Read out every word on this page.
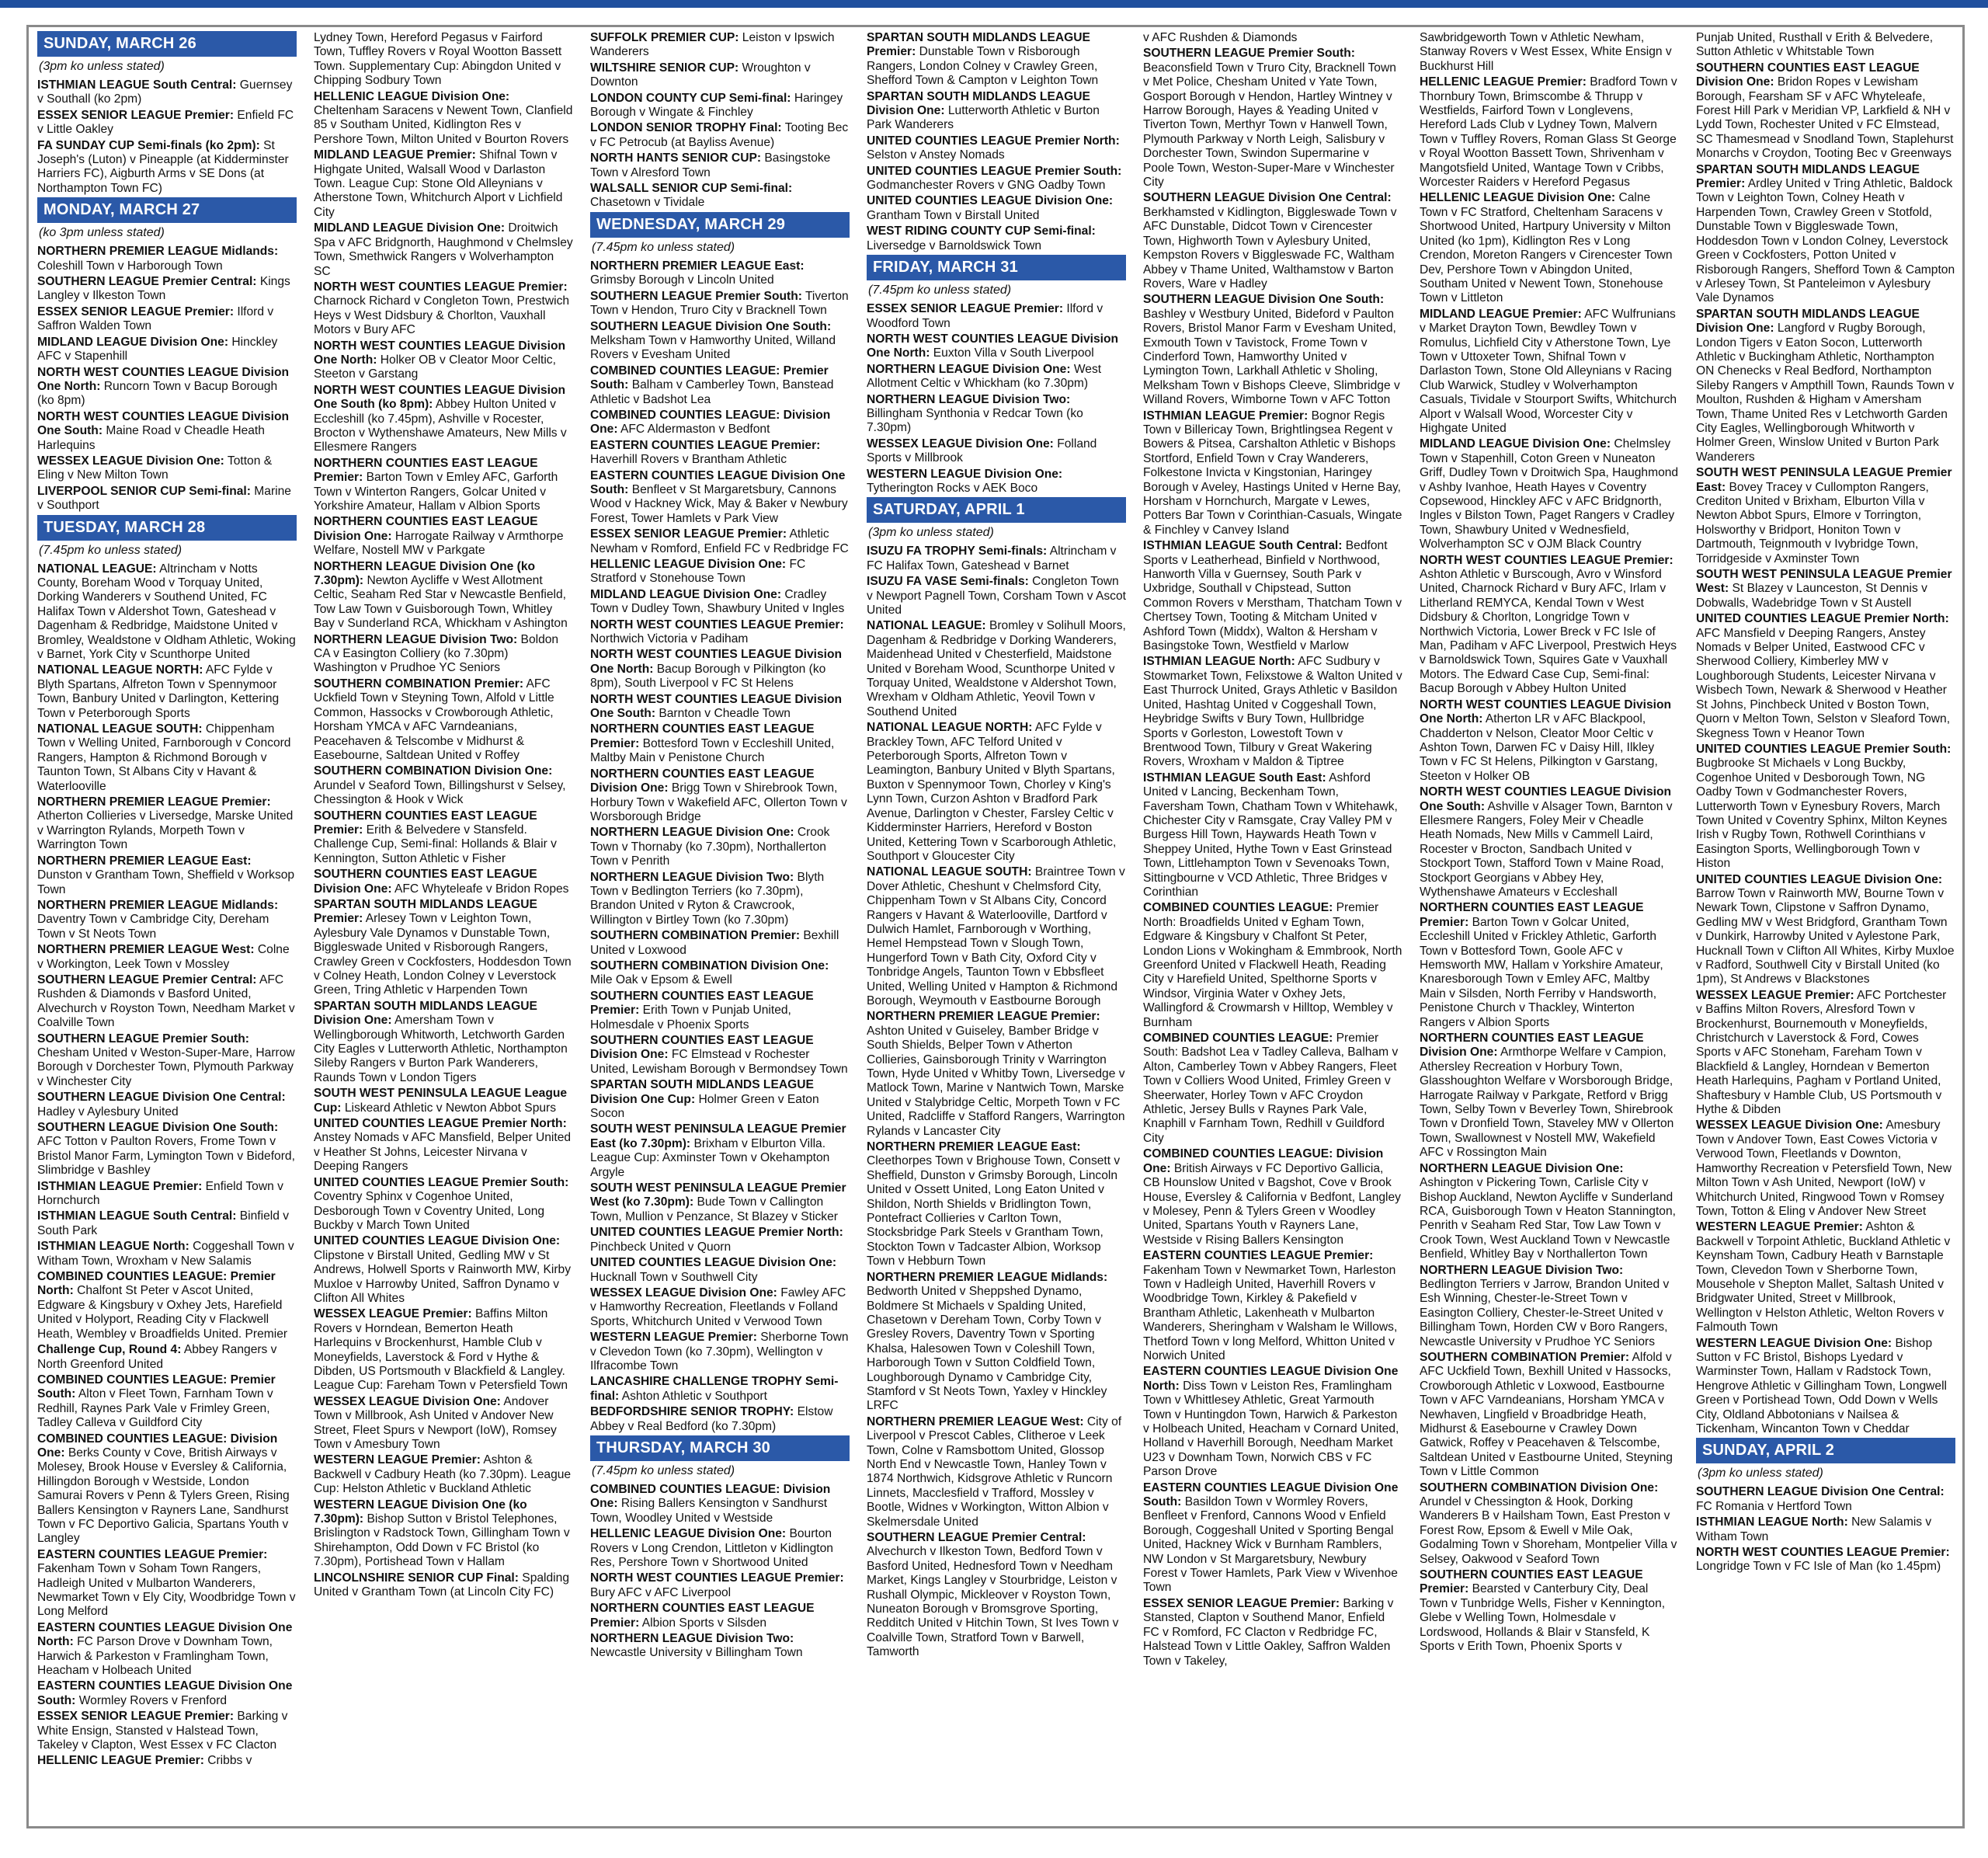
SUNDAY, MARCH 26
(3pm ko unless stated)

ISTHMIAN LEAGUE South Central: Guernsey v Southall (ko 2pm)

ESSEX SENIOR LEAGUE Premier: Enfield FC v Little Oakley

FA SUNDAY CUP Semi-finals (ko 2pm): St Joseph's (Luton) v Pineapple (at Kidderminster Harriers FC), Aigburth Arms v SE Dons (at Northampton Town FC)

MONDAY, MARCH 27
(ko 3pm unless stated)

NORTHERN PREMIER LEAGUE Midlands: Coleshill Town v Harborough Town

SOUTHERN LEAGUE Premier Central: Kings Langley v Ilkeston Town

ESSEX SENIOR LEAGUE Premier: Ilford v Saffron Walden Town

MIDLAND LEAGUE Division One: Hinckley AFC v Stapenhill

NORTH WEST COUNTIES LEAGUE Division One North: Runcorn Town v Bacup Borough (ko 8pm)

NORTH WEST COUNTIES LEAGUE Division One South: Maine Road v Cheadle Heath Harlequins

WESSEX LEAGUE Division One: Totton & Eling v New Milton Town

LIVERPOOL SENIOR CUP Semi-final: Marine v Southport

TUESDAY, MARCH 28
(7.45pm ko unless stated)

NATIONAL LEAGUE: Altrincham v Notts County, Boreham Wood v Torquay United, Dorking Wanderers v Southend United, FC Halifax Town v Aldershot Town, Gateshead v Dagenham & Redbridge, Maidstone United v Bromley, Wealdstone v Oldham Athletic, Woking v Barnet, York City v Scunthorpe United

NATIONAL LEAGUE NORTH: AFC Fylde v Blyth Spartans, Alfreton Town v Spennymoor Town, Banbury United v Darlington, Kettering Town v Peterborough Sports

NATIONAL LEAGUE SOUTH: Chippenham Town v Welling United, Farnborough v Concord Rangers, Hampton & Richmond Borough v Taunton Town, St Albans City v Havant & Waterlooville

NORTHERN PREMIER LEAGUE Premier: Atherton Collieries v Liversedge, Marske United v Warrington Rylands, Morpeth Town v Warrington Town

NORTHERN PREMIER LEAGUE East: Dunston v Grantham Town, Sheffield v Worksop Town

NORTHERN PREMIER LEAGUE Midlands: Daventry Town v Cambridge City, Dereham Town v St Neots Town

NORTHERN PREMIER LEAGUE West: Colne v Workington, Leek Town v Mossley

SOUTHERN LEAGUE Premier Central: AFC Rushden & Diamonds v Basford United, Alvechurch v Royston Town, Needham Market v Coalville Town

SOUTHERN LEAGUE Premier South: Chesham United v Weston-Super-Mare, Harrow Borough v Dorchester Town, Plymouth Parkway v Winchester City

SOUTHERN LEAGUE Division One Central: Hadley v Aylesbury United

SOUTHERN LEAGUE Division One South: AFC Totton v Paulton Rovers, Frome Town v Bristol Manor Farm, Lymington Town v Bideford, Slimbridge v Bashley

ISTHMIAN LEAGUE Premier: Enfield Town v Hornchurch

ISTHMIAN LEAGUE South Central: Binfield v South Park

ISTHMIAN LEAGUE North: Coggeshall Town v Witham Town, Wroxham v New Salamis

COMBINED COUNTIES LEAGUE: Premier North: Chalfont St Peter v Ascot United, Edgware & Kingsbury v Oxhey Jets, Harefield United v Holyport, Reading City v Flackwell Heath, Wembley v Broadfields United. Premier

Challenge Cup, Round 4: Abbey Rangers v North Greenford United

COMBINED COUNTIES LEAGUE: Premier South: Alton v Fleet Town, Farnham Town v Redhill, Raynes Park Vale v Frimley Green, Tadley Calleva v Guildford City

COMBINED COUNTIES LEAGUE: Division One: Berks County v Cove, British Airways v Molesey, Brook House v Eversley & California, Hillingdon Borough v Westside, London Samurai Rovers v Penn & Tylers Green, Rising Ballers Kensington v Rayners Lane, Sandhurst Town v FC Deportivo Galicia, Spartans Youth v Langley

EASTERN COUNTIES LEAGUE Premier: Fakenham Town v Soham Town Rangers, Hadleigh United v Mulbarton Wanderers, Newmarket Town v Ely City, Woodbridge Town v Long Melford

EASTERN COUNTIES LEAGUE Division One North: FC Parson Drove v Downham Town, Harwich & Parkeston v Framlingham Town, Heacham v Holbeach United

EASTERN COUNTIES LEAGUE Division One South: Wormley Rovers v Frenford

ESSEX SENIOR LEAGUE Premier: Barking v White Ensign, Stansted v Halstead Town, Takeley v Clapton, West Essex v FC Clacton

HELLENIC LEAGUE Premier: Cribbs v

Lydney Town, Hereford Pegasus v Fairford Town, Tuffley Rovers v Royal Wootton Bassett Town. Supplementary Cup: Abingdon United v Chipping Sodbury Town

HELLENIC LEAGUE Division One: Cheltenham Saracens v Newent Town, Clanfield 85 v Southam United, Kidlington Res v Pershore Town, Milton United v Bourton Rovers

MIDLAND LEAGUE Premier: Shifnal Town v Highgate United, Walsall Wood v Darlaston Town. League Cup: Stone Old Alleynians v Atherstone Town, Whitchurch Alport v Lichfield City

MIDLAND LEAGUE Division One: Droitwich Spa v AFC Bridgnorth, Haughmond v Chelmsley Town, Smethwick Rangers v Wolverhampton SC

NORTH WEST COUNTIES LEAGUE Premier: Charnock Richard v Congleton Town, Prestwich Heys v West Didsbury & Chorlton, Vauxhall Motors v Bury AFC

NORTH WEST COUNTIES LEAGUE Division One North: Holker OB v Cleator Moor Celtic, Steeton v Garstang

NORTH WEST COUNTIES LEAGUE Division One South (ko 8pm): Abbey Hulton United v Eccleshill (ko 7.45pm), Ashville v Rocester, Brocton v Wythenshawe Amateurs, New Mills v Ellesmere Rangers

NORTHERN COUNTIES EAST LEAGUE Premier: Barton Town v Emley AFC, Garforth Town v Winterton Rangers, Golcar United v Yorkshire Amateur, Hallam v Albion Sports

NORTHERN COUNTIES EAST LEAGUE Division One: Harrogate Railway v Armthorpe Welfare, Nostell MW v Parkgate

NORTHERN LEAGUE Division One (ko 7.30pm): Newton Aycliffe v West Allotment Celtic, Seaham Red Star v Newcastle Benfield, Tow Law Town v Guisborough Town, Whitley Bay v Sunderland RCA, Whickham v Ashington

NORTHERN LEAGUE Division Two: Boldon CA v Easington Colliery (ko 7.30pm) Washington v Prudhoe YC Seniors

SOUTHERN COMBINATION Premier: AFC Uckfield Town v Steyning Town, Alfold v Little Common, Hassocks v Crowborough Athletic, Horsham YMCA v AFC Varndeanians, Peacehaven & Telscombe v Midhurst & Easebourne, Saltdean United v Roffey

SOUTHERN COMBINATION Division One: Arundel v Seaford Town, Billingshurst v Selsey, Chessington & Hook v Wick

SOUTHERN COUNTIES EAST LEAGUE Premier: Erith & Belvedere v Stansfeld. Challenge Cup, Semi-final: Hollands & Blair v Kennington, Sutton Athletic v Fisher

SOUTHERN COUNTIES EAST LEAGUE Division One: AFC Whyteleafe v Bridon Ropes

SPARTAN SOUTH MIDLANDS LEAGUE Premier: Arlesey Town v Leighton Town, Aylesbury Vale Dynamos v Dunstable Town, Biggleswade United v Risborough Rangers, Crawley Green v Cockfosters, Hoddesdon Town v Colney Heath, London Colney v Leverstock Green, Tring Athletic v Harpenden Town

SPARTAN SOUTH MIDLANDS LEAGUE Division One: Amersham Town v Wellingborough Whitworth, Letchworth Garden City Eagles v Lutterworth Athletic, Northampton Sileby Rangers v Burton Park Wanderers, Raunds Town v London Tigers

SOUTH WEST PENINSULA LEAGUE League Cup: Liskeard Athletic v Newton Abbot Spurs

UNITED COUNTIES LEAGUE Premier North: Anstey Nomads v AFC Mansfield, Belper United v Heather St Johns, Leicester Nirvana v Deeping Rangers

UNITED COUNTIES LEAGUE Premier South: Coventry Sphinx v Cogenhoe United, Desborough Town v Coventry United, Long Buckby v March Town United

UNITED COUNTIES LEAGUE Division One: Clipstone v Birstall United, Gedling MW v St Andrews, Holwell Sports v Rainworth MW, Kirby Muxloe v Harrowby United, Saffron Dynamo v Clifton All Whites

WESSEX LEAGUE Premier: Baffins Milton Rovers v Horndean, Bemerton Heath Harlequins v Brockenhurst, Hamble Club v Moneyfields, Laverstock & Ford v Hythe & Dibden, US Portsmouth v Blackfield & Langley. League Cup: Fareham Town v Petersfield Town

WESSEX LEAGUE Division One: Andover Town v Millbrook, Ash United v Andover New Street, Fleet Spurs v Newport (IoW), Romsey Town v Amesbury Town

WESTERN LEAGUE Premier: Ashton & Backwell v Cadbury Heath (ko 7.30pm). League Cup: Helston Athletic v Buckland Athletic

WESTERN LEAGUE Division One (ko 7.30pm): Bishop Sutton v Bristol Telephones, Brislington v Radstock Town, Gillingham Town v Shirehampton, Odd Down v FC Bristol (ko 7.30pm), Portishead Town v Hallam

LINCOLNSHIRE SENIOR CUP Final: Spalding United v Grantham Town (at Lincoln City FC)

SUFFOLK PREMIER CUP: Leiston v Ipswich Wanderers

WILTSHIRE SENIOR CUP: Wroughton v Downton

LONDON COUNTY CUP Semi-final: Haringey Borough v Wingate & Finchley

LONDON SENIOR TROPHY Final: Tooting Bec v FC Petrocub (at Bayliss Avenue)

NORTH HANTS SENIOR CUP: Basingstoke Town v Alresford Town

WALSALL SENIOR CUP Semi-final: Chasetown v Tividale

WEDNESDAY, MARCH 29
(7.45pm ko unless stated)

NORTHERN PREMIER LEAGUE East: Grimsby Borough v Lincoln United

SOUTHERN LEAGUE Premier South: Tiverton Town v Hendon, Truro City v Bracknell Town

SOUTHERN LEAGUE Division One South: Melksham Town v Hamworthy United, Willand Rovers v Evesham United

COMBINED COUNTIES LEAGUE: Premier South: Balham v Camberley Town, Banstead Athletic v Badshot Lea

COMBINED COUNTIES LEAGUE: Division One: AFC Aldermaston v Bedfont

EASTERN COUNTIES LEAGUE Premier: Haverhill Rovers v Brantham Athletic

EASTERN COUNTIES LEAGUE Division One South: Benfleet v St Margaretsbury, Cannons Wood v Hackney Wick, May & Baker v Newbury Forest, Tower Hamlets v Park View

ESSEX SENIOR LEAGUE Premier: Athletic Newham v Romford, Enfield FC v Redbridge FC

HELLENIC LEAGUE Division One: FC Stratford v Stonehouse Town

MIDLAND LEAGUE Division One: Cradley Town v Dudley Town, Shawbury United v Ingles

NORTH WEST COUNTIES LEAGUE Premier: Northwich Victoria v Padiham

NORTH WEST COUNTIES LEAGUE Division One North: Bacup Borough v Pilkington (ko 8pm), South Liverpool v FC St Helens

NORTH WEST COUNTIES LEAGUE Division One South: Barnton v Cheadle Town

NORTHERN COUNTIES EAST LEAGUE Premier: Bottesford Town v Eccleshill United, Maltby Main v Penistone Church

NORTHERN COUNTIES EAST LEAGUE Division One: Brigg Town v Shirebrook Town, Horbury Town v Wakefield AFC, Ollerton Town v Worsborough Bridge

NORTHERN LEAGUE Division One: Crook Town v Thornaby (ko 7.30pm), Northallerton Town v Penrith

NORTHERN LEAGUE Division Two: Blyth Town v Bedlington Terriers (ko 7.30pm), Brandon United v Ryton & Crawcrook, Willington v Birtley Town (ko 7.30pm)

SOUTHERN COMBINATION Premier: Bexhill United v Loxwood

SOUTHERN COMBINATION Division One: Mile Oak v Epsom & Ewell

SOUTHERN COUNTIES EAST LEAGUE Premier: Erith Town v Punjab United, Holmesdale v Phoenix Sports

SOUTHERN COUNTIES EAST LEAGUE Division One: FC Elmstead v Rochester United, Lewisham Borough v Bermondsey Town

SPARTAN SOUTH MIDLANDS LEAGUE Division One Cup: Holmer Green v Eaton Socon

SOUTH WEST PENINSULA LEAGUE Premier East (ko 7.30pm): Brixham v Elburton Villa. League Cup: Axminster Town v Okehampton Argyle

SOUTH WEST PENINSULA LEAGUE Premier West (ko 7.30pm): Bude Town v Callington Town, Mullion v Penzance, St Blazey v Sticker

UNITED COUNTIES LEAGUE Premier North: Pinchbeck United v Quorn

UNITED COUNTIES LEAGUE Division One: Hucknall Town v Southwell City

WESSEX LEAGUE Division One: Fawley AFC v Hamworthy Recreation, Fleetlands v Folland Sports, Whitchurch United v Verwood Town

WESTERN LEAGUE Premier: Sherborne Town v Clevedon Town (ko 7.30pm), Wellington v Ilfracombe Town

LANCASHIRE CHALLENGE TROPHY Semi-final: Ashton Athletic v Southport

BEDFORDSHIRE SENIOR TROPHY: Elstow Abbey v Real Bedford (ko 7.30pm)

THURSDAY, MARCH 30
(7.45pm ko unless stated)

COMBINED COUNTIES LEAGUE: Division One: Rising Ballers Kensington v Sandhurst Town, Woodley United v Westside

HELLENIC LEAGUE Division One: Bourton Rovers v Long Crendon, Littleton v Kidlington Res, Pershore Town v Shortwood United

NORTH WEST COUNTIES LEAGUE Premier: Bury AFC v AFC Liverpool

NORTHERN COUNTIES EAST LEAGUE Premier: Albion Sports v Silsden

NORTHERN LEAGUE Division Two: Newcastle University v Billingham Town

SPARTAN SOUTH MIDLANDS LEAGUE Premier: Dunstable Town v Risborough Rangers, London Colney v Crawley Green, Shefford Town & Campton v Leighton Town

SPARTAN SOUTH MIDLANDS LEAGUE Division One: Lutterworth Athletic v Burton Park Wanderers

UNITED COUNTIES LEAGUE Premier North: Selston v Anstey Nomads

UNITED COUNTIES LEAGUE Premier South: Godmanchester Rovers v GNG Oadby Town

UNITED COUNTIES LEAGUE Division One: Grantham Town v Birstall United

WEST RIDING COUNTY CUP Semi-final: Liversedge v Barnoldswick Town

FRIDAY, MARCH 31
(7.45pm ko unless stated)

ESSEX SENIOR LEAGUE Premier: Ilford v Woodford Town

NORTH WEST COUNTIES LEAGUE Division One North: Euxton Villa v South Liverpool

NORTHERN LEAGUE Division One: West Allotment Celtic v Whickham (ko 7.30pm)

NORTHERN LEAGUE Division Two: Billingham Synthonia v Redcar Town (ko 7.30pm)

WESSEX LEAGUE Division One: Folland Sports v Millbrook

WESTERN LEAGUE Division One: Tytherington Rocks v AEK Boco

SATURDAY, APRIL 1
(3pm ko unless stated)

ISUZU FA TROPHY Semi-finals: Altrincham v FC Halifax Town, Gateshead v Barnet

ISUZU FA VASE Semi-finals: Congleton Town v Newport Pagnell Town, Corsham Town v Ascot United

NATIONAL LEAGUE: Bromley v Solihull Moors, Dagenham & Redbridge v Dorking Wanderers, Maidenhead United v Chesterfield, Maidstone United v Boreham Wood, Scunthorpe United v Torquay United, Wealdstone v Aldershot Town, Wrexham v Oldham Athletic, Yeovil Town v Southend United

NATIONAL LEAGUE NORTH: AFC Fylde v Brackley Town, AFC Telford United v Peterborough Sports, Alfreton Town v Leamington, Banbury United v Blyth Spartans, Buxton v Spennymoor Town, Chorley v King's Lynn Town, Curzon Ashton v Bradford Park Avenue, Darlington v Chester, Farsley Celtic v Kidderminster Harriers, Hereford v Boston United, Kettering Town v Scarborough Athletic, Southport v Gloucester City

NATIONAL LEAGUE SOUTH: Braintree Town v Dover Athletic, Cheshunt v Chelmsford City, Chippenham Town v St Albans City, Concord Rangers v Havant & Waterlooville, Dartford v Dulwich Hamlet, Farnborough v Worthing, Hemel Hempstead Town v Slough Town, Hungerford Town v Bath City, Oxford City v Tonbridge Angels, Taunton Town v Ebbsfleet United, Welling United v Hampton & Richmond Borough, Weymouth v Eastbourne Borough

NORTHERN PREMIER LEAGUE Premier: Ashton United v Guiseley, Bamber Bridge v South Shields, Belper Town v Atherton Collieries, Gainsborough Trinity v Warrington Town, Hyde United v Whitby Town, Liversedge v Matlock Town, Marine v Nantwich Town, Marske United v Stalybridge Celtic, Morpeth Town v FC United, Radcliffe v Stafford Rangers, Warrington Rylands v Lancaster City

NORTHERN PREMIER LEAGUE East: Cleethorpes Town v Brighouse Town, Consett v Sheffield, Dunston v Grimsby Borough, Lincoln United v Ossett United, Long Eaton United v Shildon, North Shields v Bridlington Town, Pontefract Collieries v Carlton Town, Stocksbridge Park Steels v Grantham Town, Stockton Town v Tadcaster Albion, Worksop Town v Hebburn Town

NORTHERN PREMIER LEAGUE Midlands: Bedworth United v Sheppshed Dynamo, Boldmere St Michaels v Spalding United, Chasetown v Dereham Town, Corby Town v Gresley Rovers, Daventry Town v Sporting Khalsa, Halesowen Town v Coleshill Town, Harborough Town v Sutton Coldfield Town, Loughborough Dynamo v Cambridge City, Stamford v St Neots Town, Yaxley v Hinckley LRFC

NORTHERN PREMIER LEAGUE West: City of Liverpool v Prescot Cables, Clitheroe v Leek Town, Colne v Ramsbottom United, Glossop North End v Newcastle Town, Hanley Town v 1874 Northwich, Kidsgrove Athletic v Runcorn Linnets, Macclesfield v Trafford, Mossley v Bootle, Widnes v Workington, Witton Albion v Skelmersdale United

SOUTHERN LEAGUE Premier Central: Alvechurch v Ilkeston Town, Bedford Town v Basford United, Hednesford Town v Needham Market, Kings Langley v Stourbridge, Leiston v Rushall Olympic, Mickleover v Royston Town, Nuneaton Borough v Bromsgrove Sporting, Redditch United v Hitchin Town, St Ives Town v Coalville Town, Stratford Town v Barwell, Tamworth

v AFC Rushden & Diamonds

SOUTHERN LEAGUE Premier South: Beaconsfield Town v Truro City, Bracknell Town v Met Police, Chesham United v Yate Town, Gosport Borough v Hendon, Hartley Wintney v Harrow Borough, Hayes & Yeading United v Tiverton Town, Merthyr Town v Hanwell Town, Plymouth Parkway v North Leigh, Salisbury v Dorchester Town, Swindon Supermarine v Poole Town, Weston-Super-Mare v Winchester City

SOUTHERN LEAGUE Division One Central: Berkhamsted v Kidlington, Biggleswade Town v AFC Dunstable, Didcot Town v Cirencester Town, Highworth Town v Aylesbury United, Kempston Rovers v Biggleswade FC, Waltham Abbey v Thame United, Walthamstow v Barton Rovers, Ware v Hadley

SOUTHERN LEAGUE Division One South: Bashley v Westbury United, Bideford v Paulton Rovers, Bristol Manor Farm v Evesham United, Exmouth Town v Tavistock, Frome Town v Cinderford Town, Hamworthy United v Lymington Town, Larkhall Athletic v Sholing, Melksham Town v Bishops Cleeve, Slimbridge v Willand Rovers, Wimborne Town v AFC Totton

ISTHMIAN LEAGUE Premier: Bognor Regis Town v Billericay Town, Brightlingsea Regent v Bowers & Pitsea, Carshalton Athletic v Bishops Stortford, Enfield Town v Cray Wanderers, Folkestone Invicta v Kingstonian, Haringey Borough v Aveley, Hastings United v Herne Bay, Horsham v Hornchurch, Margate v Lewes, Potters Bar Town v Corinthian-Casuals, Wingate & Finchley v Canvey Island

ISTHMIAN LEAGUE South Central: Bedfont Sports v Leatherhead, Binfield v Northwood, Hanworth Villa v Guernsey, South Park v Uxbridge, Southall v Chipstead, Sutton Common Rovers v Merstham, Thatcham Town v Chertsey Town, Tooting & Mitcham United v Ashford Town (Middx), Walton & Hersham v Basingstoke Town, Westfield v Marlow

ISTHMIAN LEAGUE North: AFC Sudbury v Stowmarket Town, Felixstowe & Walton United v East Thurrock United, Grays Athletic v Basildon United, Hashtag United v Coggeshall Town, Heybridge Swifts v Bury Town, Hullbridge Sports v Gorleston, Lowestoft Town v Brentwood Town, Tilbury v Great Wakering Rovers, Wroxham v Maldon & Tiptree

ISTHMIAN LEAGUE South East: Ashford United v Lancing, Beckenham Town, Faversham Town, Chatham Town v Whitehawk, Chichester City v Ramsgate, Cray Valley PM v Burgess Hill Town, Haywards Heath Town v Sheppey United, Hythe Town v East Grinstead Town, Littlehampton Town v Sevenoaks Town, Sittingbourne v VCD Athletic, Three Bridges v Corinthian

COMBINED COUNTIES LEAGUE: Premier North: Broadfields United v Egham Town, Edgware & Kingsbury v Chalfont St Peter, London Lions v Wokingham & Emmbrook, North Greenford United v Flackwell Heath, Reading City v Harefield United, Spelthorne Sports v Windsor, Virginia Water v Oxhey Jets, Wallingford & Crowmarsh v Hilltop, Wembley v Burnham

COMBINED COUNTIES LEAGUE: Premier South: Badshot Lea v Tadley Calleva, Balham v Alton, Camberley Town v Abbey Rangers, Fleet Town v Colliers Wood United, Frimley Green v Sheerwater, Horley Town v AFC Croydon Athletic, Jersey Bulls v Raynes Park Vale, Knaphill v Farnham Town, Redhill v Guildford City

COMBINED COUNTIES LEAGUE: Division One: British Airways v FC Deportivo Gallicia, CB Hounslow United v Bagshot, Cove v Brook House, Eversley & California v Bedfont, Langley v Molesey, Penn & Tylers Green v Woodley United, Spartans Youth v Rayners Lane, Westside v Rising Ballers Kensington

EASTERN COUNTIES LEAGUE Premier: Fakenham Town v Newmarket Town, Harleston Town v Hadleigh United, Haverhill Rovers v Woodbridge Town, Kirkley & Pakefield v Brantham Athletic, Lakenheath v Mulbarton Wanderers, Sheringham v Walsham le Willows, Thetford Town v long Melford, Whitton United v Norwich United

EASTERN COUNTIES LEAGUE Division One North: Diss Town v Leiston Res, Framlingham Town v Whittlesey Athletic, Great Yarmouth Town v Huntingdon Town, Harwich & Parkeston v Holbeach United, Heacham v Cornard United, Holland v Haverhill Borough, Needham Market U23 v Downham Town, Norwich CBS v FC Parson Drove

EASTERN COUNTIES LEAGUE Division One South: Basildon Town v Wormley Rovers, Benfleet v Frenford, Cannons Wood v Enfield Borough, Coggeshall United v Sporting Bengal United, Hackney Wick v Burnham Ramblers, NW London v St Margaretsbury, Newbury Forest v Tower Hamlets, Park View v Wivenhoe Town

ESSEX SENIOR LEAGUE Premier: Barking v Stansted, Clapton v Southend Manor, Enfield FC v Romford, FC Clacton v Redbridge FC, Halstead Town v Little Oakley, Saffron Walden Town v Takeley,

Sawbridgeworth Town v Athletic Newham, Stanway Rovers v West Essex, White Ensign v Buckhurst Hill

HELLENIC LEAGUE Premier: Bradford Town v Thornbury Town, Brimscombe & Thrupp v Westfields, Fairford Town v Longlevens, Hereford Lads Club v Lydney Town, Malvern Town v Tuffley Rovers, Roman Glass St George v Royal Wootton Bassett Town, Shrivenham v Mangotsfield United, Wantage Town v Cribbs, Worcester Raiders v Hereford Pegasus

HELLENIC LEAGUE Division One: Calne Town v FC Stratford, Cheltenham Saracens v Shortwood United, Hartpury University v Milton United (ko 1pm), Kidlington Res v Long Crendon, Moreton Rangers v Cirencester Town Dev, Pershore Town v Abingdon United, Southam United v Newent Town, Stonehouse Town v Littleton

MIDLAND LEAGUE Premier: AFC Wulfrunians v Market Drayton Town, Bewdley Town v Romulus, Lichfield City v Atherstone Town, Lye Town v Uttoxeter Town, Shifnal Town v Darlaston Town, Stone Old Alleynians v Racing Club Warwick, Studley v Wolverhampton Casuals, Tividale v Stourport Swifts, Whitchurch Alport v Walsall Wood, Worcester City v Highgate United

MIDLAND LEAGUE Division One: Chelmsley Town v Stapenhill, Coton Green v Nuneaton Griff, Dudley Town v Droitwich Spa, Haughmond v Ashby Ivanhoe, Heath Hayes v Coventry Copsewood, Hinckley AFC v AFC Bridgnorth, Ingles v Bilston Town, Paget Rangers v Cradley Town, Shawbury United v Wednesfield, Wolverhampton SC v OJM Black Country

NORTH WEST COUNTIES LEAGUE Premier: Ashton Athletic v Burscough, Avro v Winsford United, Charnock Richard v Bury AFC, Irlam v Litherland REMYCA, Kendal Town v West Didsbury & Chorlton, Longridge Town v Northwich Victoria, Lower Breck v FC Isle of Man, Padiham v AFC Liverpool, Prestwich Heys v Barnoldswick Town, Squires Gate v Vauxhall Motors. The Edward Case Cup, Semi-final: Bacup Borough v Abbey Hulton United

NORTH WEST COUNTIES LEAGUE Division One North: Atherton LR v AFC Blackpool, Chadderton v Nelson, Cleator Moor Celtic v Ashton Town, Darwen FC v Daisy Hill, Ilkley Town v FC St Helens, Pilkington v Garstang, Steeton v Holker OB

NORTH WEST COUNTIES LEAGUE Division One South: Ashville v Alsager Town, Barnton v Ellesmere Rangers, Foley Meir v Cheadle Heath Nomads, New Mills v Cammell Laird, Rocester v Brocton, Sandbach United v Stockport Town, Stafford Town v Maine Road, Stockport Georgians v Abbey Hey, Wythenshawe Amateurs v Eccleshall

NORTHERN COUNTIES EAST LEAGUE Premier: Barton Town v Golcar United, Eccleshill United v Frickley Athletic, Garforth Town v Bottesford Town, Goole AFC v Hemsworth MW, Hallam v Yorkshire Amateur, Knaresborough Town v Emley AFC, Maltby Main v Silsden, North Ferriby v Handsworth, Penistone Church v Thackley, Winterton Rangers v Albion Sports

NORTHERN COUNTIES EAST LEAGUE Division One: Armthorpe Welfare v Campion, Athersley Recreation v Horbury Town, Glasshoughton Welfare v Worsborough Bridge, Harrogate Railway v Parkgate, Retford v Brigg Town, Selby Town v Beverley Town, Shirebrook Town v Dronfield Town, Staveley MW v Ollerton Town, Swallownest v Nostell MW, Wakefield AFC v Rossington Main

NORTHERN LEAGUE Division One: Ashington v Pickering Town, Carlisle City v Bishop Auckland, Newton Aycliffe v Sunderland RCA, Guisborough Town v Heaton Stannington, Penrith v Seaham Red Star, Tow Law Town v Crook Town, West Auckland Town v Newcastle Benfield, Whitley Bay v Northallerton Town

NORTHERN LEAGUE Division Two: Bedlington Terriers v Jarrow, Brandon United v Esh Winning, Chester-le-Street Town v Easington Colliery, Chester-le-Street United v Billingham Town, Horden CW v Boro Rangers, Newcastle University v Prudhoe YC Seniors

SOUTHERN COMBINATION Premier: Alfold v AFC Uckfield Town, Bexhill United v Hassocks, Crowborough Athletic v Loxwood, Eastbourne Town v AFC Varndeanians, Horsham YMCA v Newhaven, Lingfield v Broadbridge Heath, Midhurst & Easebourne v Crawley Down Gatwick, Roffey v Peacehaven & Telscombe, Saltdean United v Eastbourne United, Steyning Town v Little Common

SOUTHERN COMBINATION Division One: Arundel v Chessington & Hook, Dorking Wanderers B v Hailsham Town, East Preston v Forest Row, Epsom & Ewell v Mile Oak, Godalming Town v Shoreham, Montpelier Villa v Selsey, Oakwood v Seaford Town

SOUTHERN COUNTIES EAST LEAGUE Premier: Bearsted v Canterbury City, Deal Town v Tunbridge Wells, Fisher v Kennington, Glebe v Welling Town, Holmesdale v Lordswood, Hollands & Blair v Stansfeld, K Sports v Erith Town, Phoenix Sports v

Punjab United, Rusthall v Erith & Belvedere, Sutton Athletic v Whitstable Town

SOUTHERN COUNTIES EAST LEAGUE Division One: Bridon Ropes v Lewisham Borough, Fearsham SF v AFC Whyteleafe, Forest Hill Park v Meridian VP, Larkfield & NH v Lydd Town, Rochester United v FC Elmstead, SC Thamesmead v Snodland Town, Staplehurst Monarchs v Croydon, Tooting Bec v Greenways

SPARTAN SOUTH MIDLANDS LEAGUE Premier: Ardley United v Tring Athletic, Baldock Town v Leighton Town, Colney Heath v Harpenden Town, Crawley Green v Stotfold, Dunstable Town v Biggleswade Town, Hoddesdon Town v London Colney, Leverstock Green v Cockfosters, Potton United v Risborough Rangers, Shefford Town & Campton v Arlesey Town, St Panteleimon v Aylesbury Vale Dynamos

SPARTAN SOUTH MIDLANDS LEAGUE Division One: Langford v Rugby Borough, London Tigers v Eaton Socon, Lutterworth Athletic v Buckingham Athletic, Northampton ON Chenecks v Real Bedford, Northampton Sileby Rangers v Ampthill Town, Raunds Town v Moulton, Rushden & Higham v Amersham Town, Thame United Res v Letchworth Garden City Eagles, Wellingborough Whitworth v Holmer Green, Winslow United v Burton Park Wanderers

SOUTH WEST PENINSULA LEAGUE Premier East: Bovey Tracey v Cullompton Rangers, Crediton United v Brixham, Elburton Villa v Newton Abbot Spurs, Elmore v Torrington, Holsworthy v Bridport, Honiton Town v Dartmouth, Teignmouth v Ivybridge Town, Torridgeside v Axminster Town

SOUTH WEST PENINSULA LEAGUE Premier West: St Blazey v Launceston, St Dennis v Dobwalls, Wadebridge Town v St Austell

UNITED COUNTIES LEAGUE Premier North: AFC Mansfield v Deeping Rangers, Anstey Nomads v Belper United, Eastwood CFC v Sherwood Colliery, Kimberley MW v Loughborough Students, Leicester Nirvana v Wisbech Town, Newark & Sherwood v Heather St Johns, Pinchbeck United v Boston Town, Quorn v Melton Town, Selston v Sleaford Town, Skegness Town v Heanor Town

UNITED COUNTIES LEAGUE Premier South: Bugbrooke St Michaels v Long Buckby, Cogenhoe United v Desborough Town, NG Oadby Town v Godmanchester Rovers, Lutterworth Town v Eynesbury Rovers, March Town United v Coventry Sphinx, Milton Keynes Irish v Rugby Town, Rothwell Corinthians v Easington Sports, Wellingborough Town v Histon

UNITED COUNTIES LEAGUE Division One: Barrow Town v Rainworth MW, Bourne Town v Newark Town, Clipstone v Saffron Dynamo, Gedling MW v West Bridgford, Grantham Town v Dunkirk, Harrowby United v Aylestone Park, Hucknall Town v Clifton All Whites, Kirby Muxloe v Radford, Southwell City v Birstall United (ko 1pm), St Andrews v Blackstones

WESSEX LEAGUE Premier: AFC Portchester v Baffins Milton Rovers, Alresford Town v Brockenhurst, Bournemouth v Moneyfields, Christchurch v Laverstock & Ford, Cowes Sports v AFC Stoneham, Fareham Town v Blackfield & Langley, Horndean v Bemerton Heath Harlequins, Pagham v Portland United, Shaftesbury v Hamble Club, US Portsmouth v Hythe & Dibden

WESSEX LEAGUE Division One: Amesbury Town v Andover Town, East Cowes Victoria v Verwood Town, Fleetlands v Downton, Hamworthy Recreation v Petersfield Town, New Milton Town v Ash United, Newport (IoW) v Whitchurch United, Ringwood Town v Romsey Town, Totton & Eling v Andover New Street

WESTERN LEAGUE Premier: Ashton & Backwell v Torpoint Athletic, Buckland Athletic v Keynsham Town, Cadbury Heath v Barnstaple Town, Clevedon Town v Sherborne Town, Mousehole v Shepton Mallet, Saltash United v Bridgwater United, Street v Millbrook, Wellington v Helston Athletic, Welton Rovers v Falmouth Town

WESTERN LEAGUE Division One: Bishop Sutton v FC Bristol, Bishops Lyedard v Warminster Town, Hallam v Radstock Town, Hengrove Athletic v Gillingham Town, Longwell Green v Portishead Town, Odd Down v Wells City, Oldland Abbotonians v Nailsea & Tickenham, Wincanton Town v Cheddar

SUNDAY, APRIL 2
(3pm ko unless stated)

SOUTHERN LEAGUE Division One Central: FC Romania v Hertford Town

ISTHMIAN LEAGUE North: New Salamis v Witham Town

NORTH WEST COUNTIES LEAGUE Premier: Longridge Town v FC Isle of Man (ko 1.45pm)
